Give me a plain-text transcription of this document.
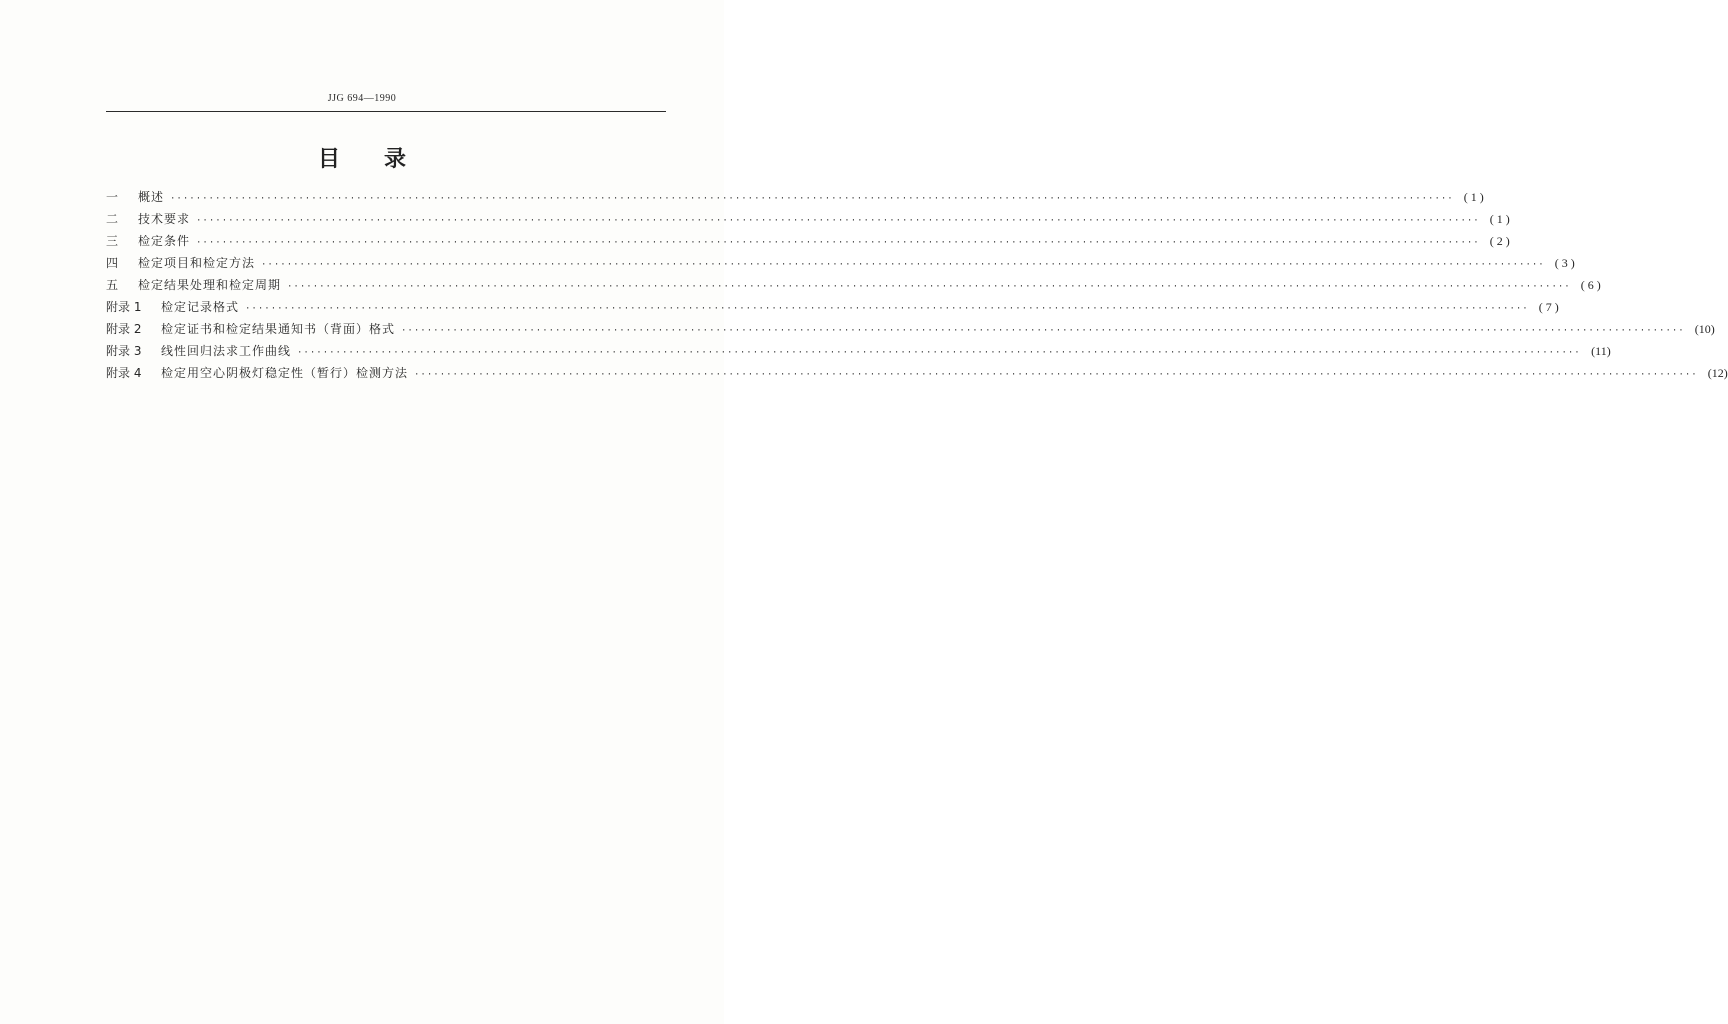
JJG 694—1990
目 录
一	概述 ········································································································································································································ ( 1 )
二	技术要求 ········································································································································································································ ( 1 )
三	检定条件 ········································································································································································································ ( 2 )
四	检定项目和检定方法 ········································································································································································································ ( 3 )
五	检定结果处理和检定周期 ········································································································································································································ ( 6 )
附录 1	检定记录格式 ········································································································································································································ ( 7 )
附录 2	检定证书和检定结果通知书（背面）格式 ········································································································································································································ (10)
附录 3	线性回归法求工作曲线 ········································································································································································································ (11)
附录 4	检定用空心阴极灯稳定性（暂行）检测方法 ········································································································································································································ (12)
